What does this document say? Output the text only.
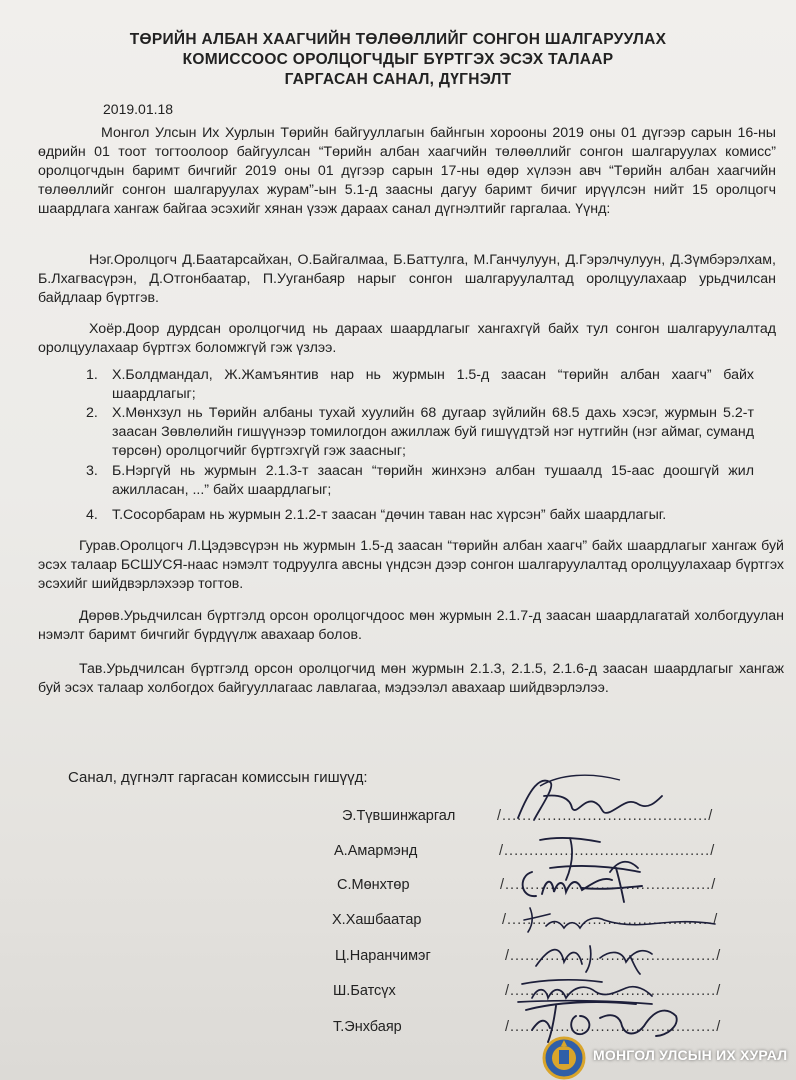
ТӨРИЙН АЛБАН ХААГЧИЙН ТӨЛӨӨЛЛИЙГ СОНГОН ШАЛГАРУУЛАХ
КОМИССООС ОРОЛЦОГЧДЫГ БҮРТГЭХ ЭСЭХ ТАЛААР
ГАРГАСАН САНАЛ, ДҮГНЭЛТ
2019.01.18

Монгол Улсын Их Хурлын Төрийн байгууллагын байнгын хорооны 2019 оны 01 дүгээр сарын 16-ны өдрийн 01 тоот тогтоолоор байгуулсан “Төрийн албан хаагчийн төлөөллийг сонгон шалгаруулах комисс” оролцогчдын баримт бичгийг 2019 оны 01 дүгээр сарын 17-ны өдөр хүлээн авч “Төрийн албан хаагчийн төлөөллийг сонгон шалгаруулах журам”-ын 5.1-д заасны дагуу баримт бичиг ирүүлсэн нийт 15 оролцогч шаардлага хангаж байгаа эсэхийг хянан үзэж дараах санал дүгнэлтийг гаргалаа. Үүнд:

Нэг.Оролцогч Д.Баатарсайхан, О.Байгалмаа, Б.Баттулга, М.Ганчулуун, Д.Гэрэлчулуун, Д.Зүмбэрэлхам, Б.Лхагвасүрэн, Д.Отгонбаатар, П.Ууганбаяр нарыг сонгон шалгаруулалтад оролцуулахаар урьдчилсан байдлаар бүртгэв.

Хоёр.Доор дурдсан оролцогчид нь дараах шаардлагыг хангахгүй байх тул сонгон шалгаруулалтад оролцуулахаар бүртгэх боломжгүй гэж үзлээ.

1. Х.Болдмандал, Ж.Жамъянтив нар нь журмын 1.5-д заасан “төрийн албан хаагч” байх шаардлагыг;
2. Х.Мөнхзул нь Төрийн албаны тухай хуулийн 68 дугаар зүйлийн 68.5 дахь хэсэг, журмын 5.2-т заасан Зөвлөлийн гишүүнээр томилогдон ажиллаж буй гишүүдтэй нэг нутгийн (нэг аймаг, суманд төрсөн) оролцогчийг бүртгэхгүй гэж заасныг;
3. Б.Нэргүй нь журмын 2.1.3-т заасан “төрийн жинхэнэ албан тушаалд 15-аас доошгүй жил ажилласан, ...” байх шаардлагыг;
4. Т.Сосорбарам нь журмын 2.1.2-т заасан “дөчин таван нас хүрсэн” байх шаардлагыг.

Гурав.Оролцогч Л.Цэдэвсүрэн нь журмын 1.5-д заасан “төрийн албан хаагч” байх шаардлагыг хангаж буй эсэх талаар БСШУСЯ-наас нэмэлт тодруулга авсны үндсэн дээр сонгон шалгаруулалтад оролцуулахаар бүртгэх эсэхийг шийдвэрлэхээр тогтов.

Дөрөв.Урьдчилсан бүртгэлд орсон оролцогчдоос мөн журмын 2.1.7-д заасан шаардлагатай холбогдуулан нэмэлт баримт бичгийг бүрдүүлж авахаар болов.

Тав.Урьдчилсан бүртгэлд орсон оролцогчид мөн журмын 2.1.3, 2.1.5, 2.1.6-д заасан шаардлагыг хангаж буй эсэх талаар холбогдох байгууллагаас лавлагаа, мэдээлэл авахаар шийдвэрлэлээ.

Санал, дүгнэлт гаргасан комиссын гишүүд:
Э.Түвшинжаргал	/........................................./
А.Амармэнд	/........................................./
С.Мөнхтөр	/........................................./
Х.Хашбаатар	/........................................./
Ц.Наранчимэг	/........................................./
Ш.Батсүх	/........................................./
Т.Энхбаяр	/........................................./
МОНГОЛ УЛСЫН ИХ ХУРАЛ
